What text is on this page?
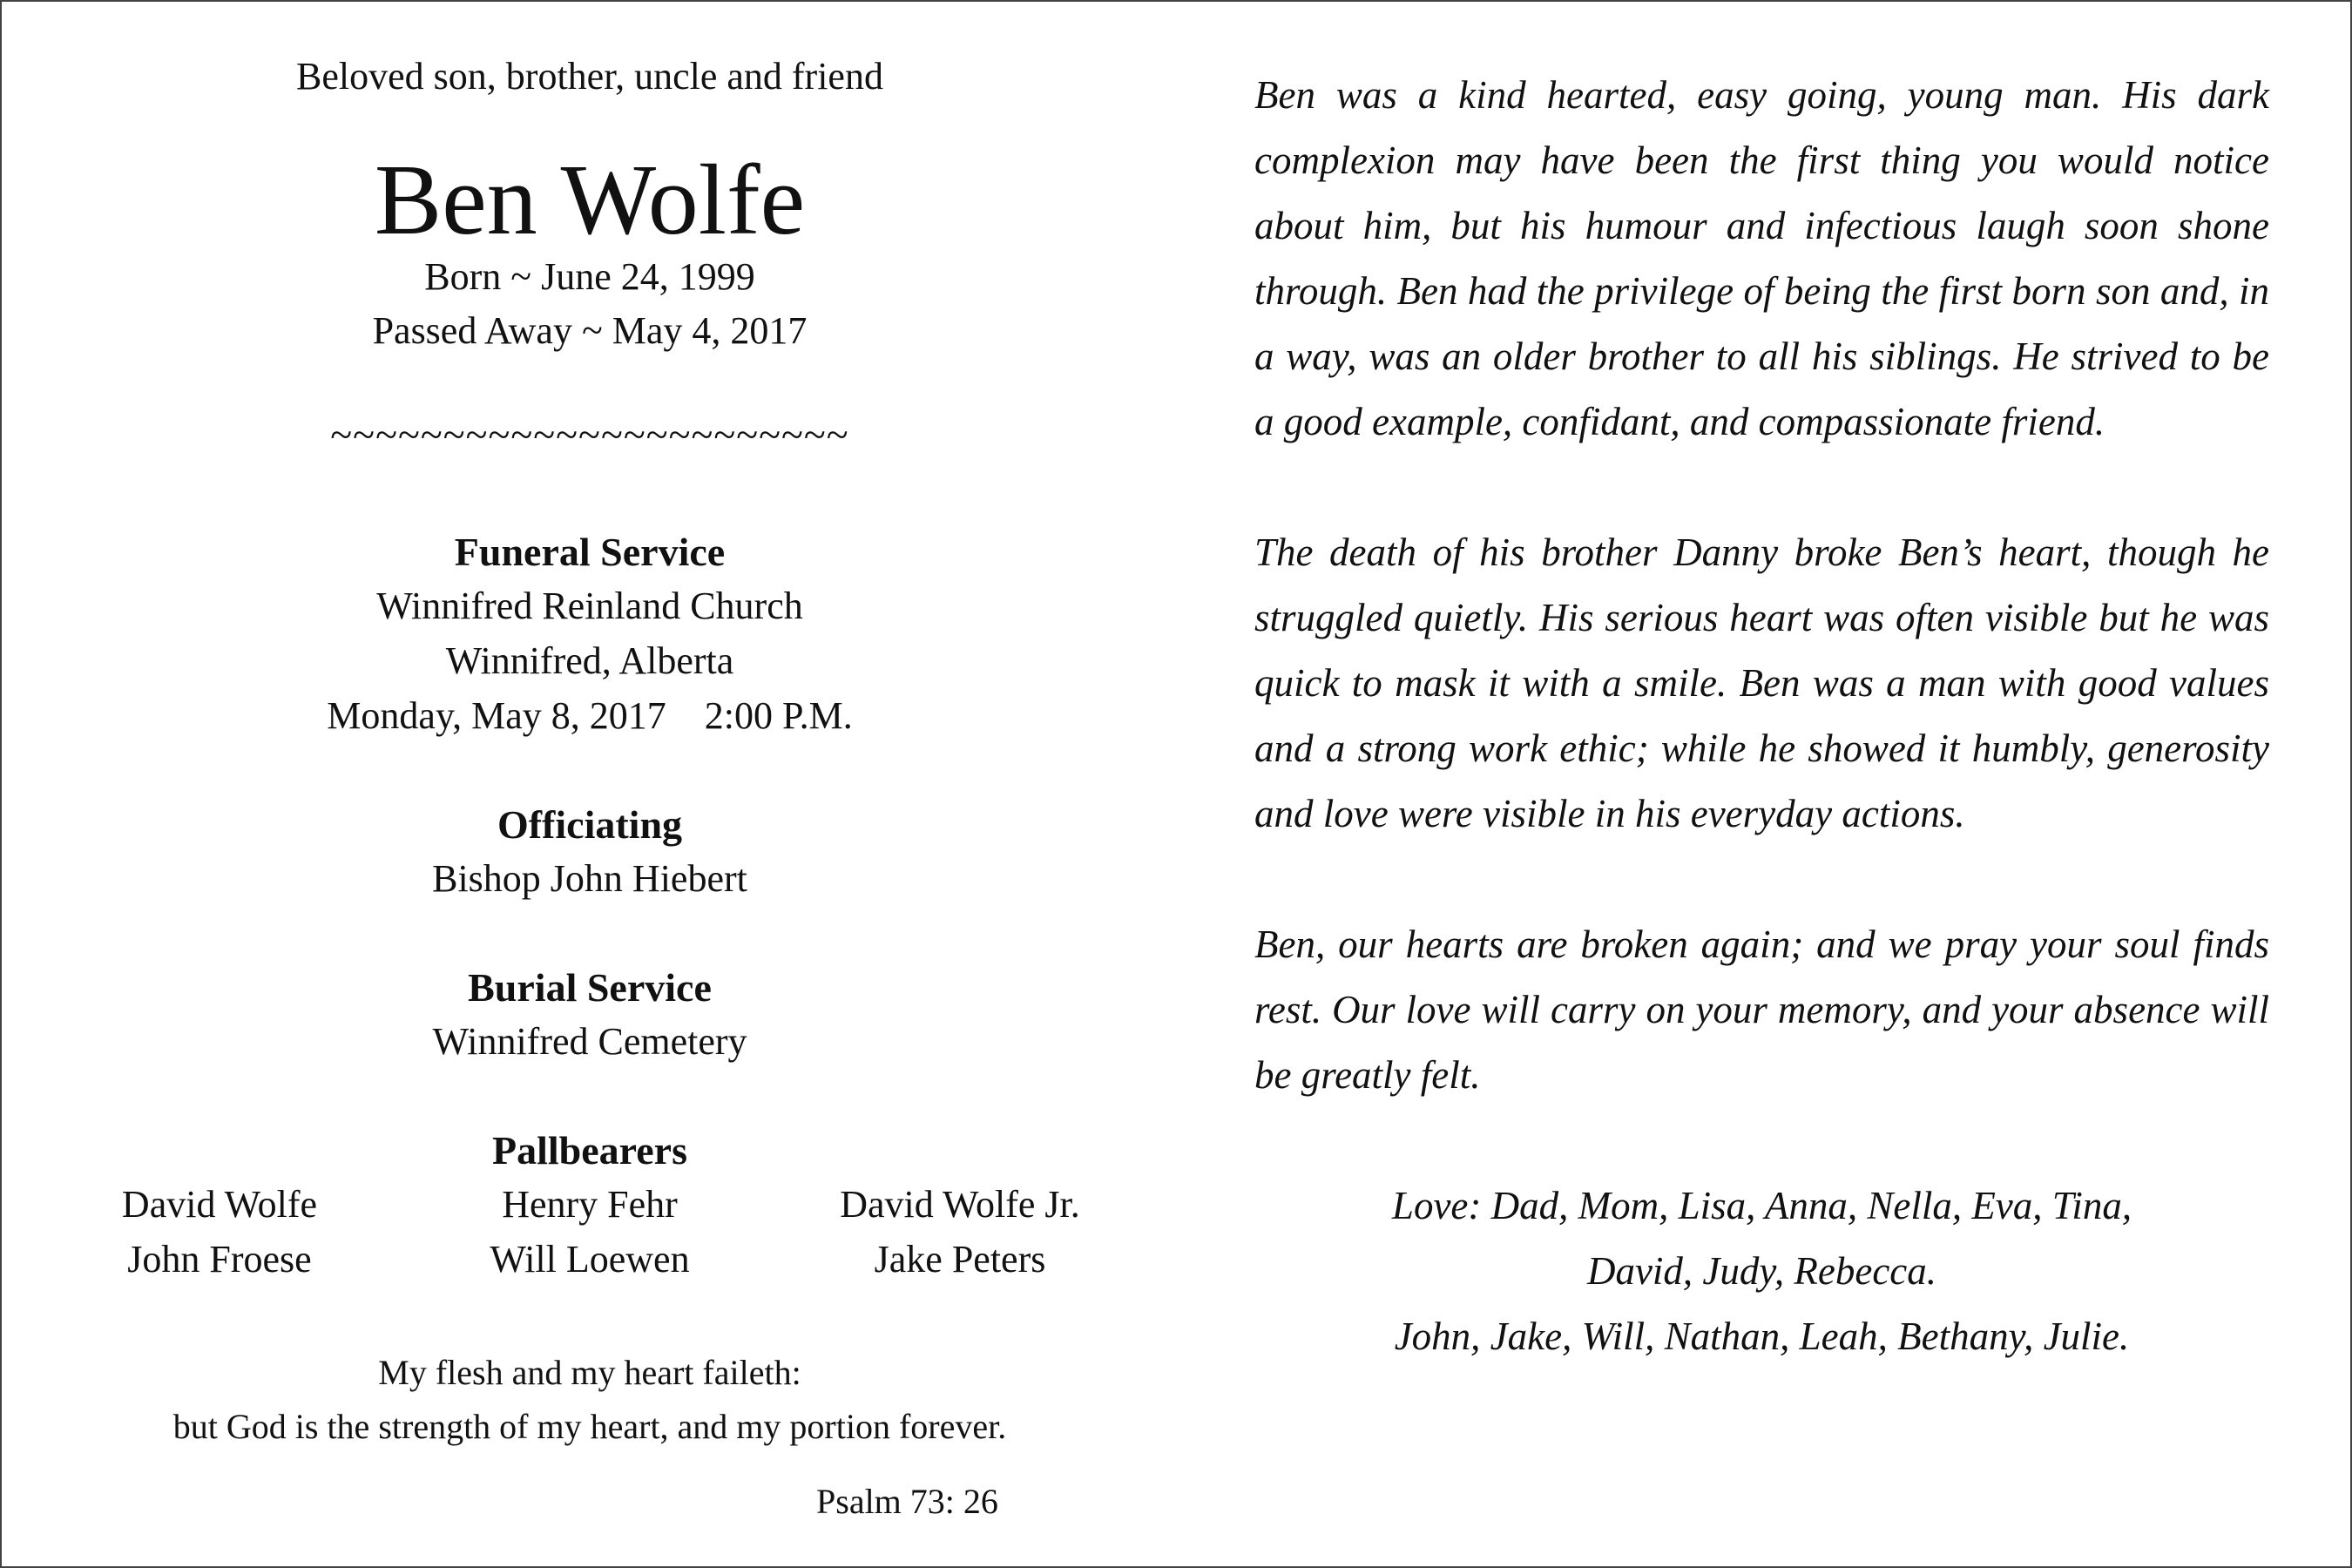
Beloved son, brother, uncle and friend
Ben Wolfe
Born ~ June 24, 1999
Passed Away ~ May 4, 2017
~~~~~~~~~~~~~~~~~~~~~~~
Funeral Service
Winnifred Reinland Church
Winnifred, Alberta
Monday, May 8, 2017 2:00 P.M.
Officiating
Bishop John Hiebert
Burial Service
Winnifred Cemetery
Pallbearers
David Wolfe	Henry Fehr	David Wolfe Jr.
John Froese	Will Loewen	Jake Peters
My flesh and my heart faileth:
but God is the strength of my heart, and my portion forever.
Psalm 73: 26

Ben was a kind hearted, easy going, young man. His dark complexion may have been the first thing you would notice about him, but his humour and infectious laugh soon shone through. Ben had the privilege of being the first born son and, in a way, was an older brother to all his siblings. He strived to be a good example, confidant, and compassionate friend.

The death of his brother Danny broke Ben’s heart, though he struggled quietly. His serious heart was often visible but he was quick to mask it with a smile. Ben was a man with good values and a strong work ethic; while he showed it humbly, generosity and love were visible in his everyday actions.

Ben, our hearts are broken again; and we pray your soul finds rest. Our love will carry on your memory, and your absence will be greatly felt.

Love: Dad, Mom, Lisa, Anna, Nella, Eva, Tina,
David, Judy, Rebecca.
John, Jake, Will, Nathan, Leah, Bethany, Julie.
